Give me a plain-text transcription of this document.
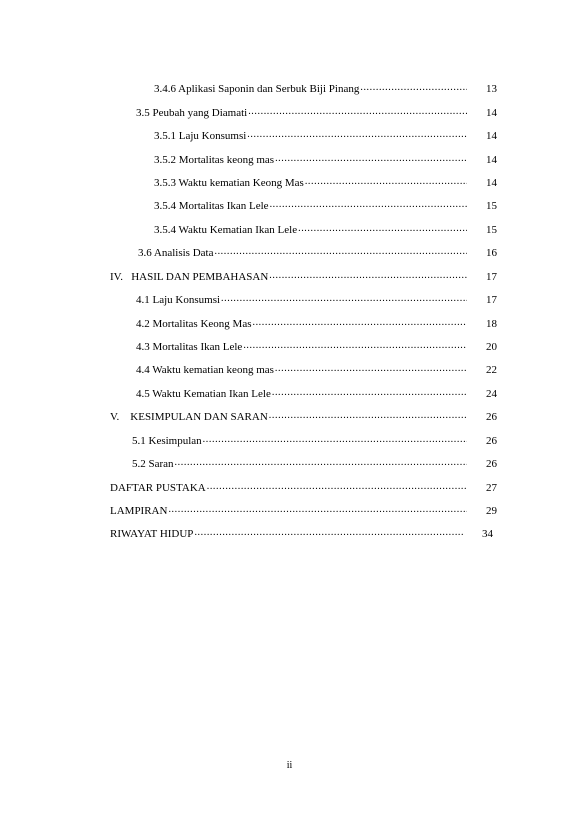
3.4.6 Aplikasi Saponin dan Serbuk Biji Pinang .....	13
3.5 Peubah yang Diamati .....	14
3.5.1 Laju Konsumsi .....	14
3.5.2 Mortalitas keong mas .....	14
3.5.3 Waktu kematian Keong Mas .....	14
3.5.4 Mortalitas Ikan Lele .....	15
3.5.4 Waktu Kematian Ikan Lele .....	15
3.6 Analisis Data .....	16
IV.   HASIL DAN PEMBAHASAN .....	17
4.1 Laju Konsumsi .....	17
4.2 Mortalitas Keong Mas .....	18
4.3 Mortalitas Ikan Lele .....	20
4.4 Waktu kematian keong mas .....	22
4.5 Waktu Kematian Ikan Lele .....	24
V.    KESIMPULAN DAN SARAN .....	26
5.1 Kesimpulan .....	26
5.2 Saran .....	26
DAFTAR PUSTAKA .....	27
LAMPIRAN .....	29
RIWAYAT HIDUP .....	34
ii
